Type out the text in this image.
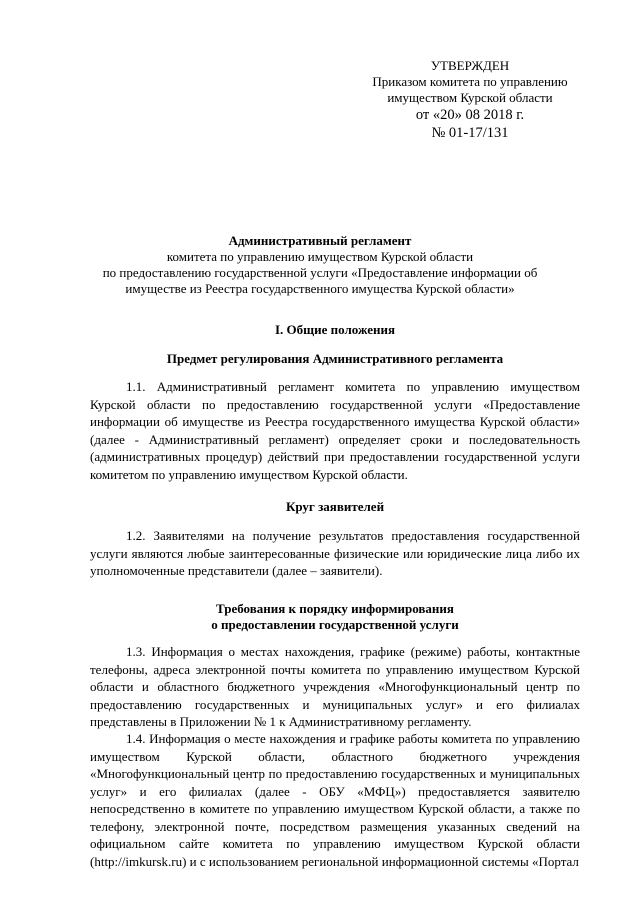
УТВЕРЖДЕН
Приказом комитета по управлению
имуществом Курской области
от «20» 08 2018 г.
№ 01-17/131
Административный регламент
комитета по управлению имуществом Курской области
по предоставлению государственной услуги «Предоставление информации об
имуществе из Реестра государственного имущества Курской области»
I. Общие положения
Предмет регулирования Административного регламента
1.1. Административный регламент комитета по управлению имуществом Курской области по предоставлению государственной услуги «Предоставление информации об имуществе из Реестра государственного имущества Курской области» (далее - Административный регламент) определяет сроки и последовательность (административных процедур) действий при предоставлении государственной услуги комитетом по управлению имуществом Курской области.
Круг заявителей
1.2. Заявителями на получение результатов предоставления государственной услуги являются любые заинтересованные физические или юридические лица либо их уполномоченные представители (далее – заявители).
Требования к порядку информирования
о предоставлении государственной услуги
1.3. Информация о местах нахождения, графике (режиме) работы, контактные телефоны, адреса электронной почты комитета по управлению имуществом Курской области и областного бюджетного учреждения «Многофункциональный центр по предоставлению государственных и муниципальных услуг» и его филиалах представлены в Приложении № 1 к Административному регламенту.
1.4. Информация о месте нахождения и графике работы комитета по управлению имуществом Курской области, областного бюджетного учреждения «Многофункциональный центр по предоставлению государственных и муниципальных услуг» и его филиалах (далее - ОБУ «МФЦ») предоставляется заявителю непосредственно в комитете по управлению имуществом Курской области, а также по телефону, электронной почте, посредством размещения указанных сведений на официальном сайте комитета по управлению имуществом Курской области (http://imkursk.ru) и с использованием региональной информационной системы «Портал
